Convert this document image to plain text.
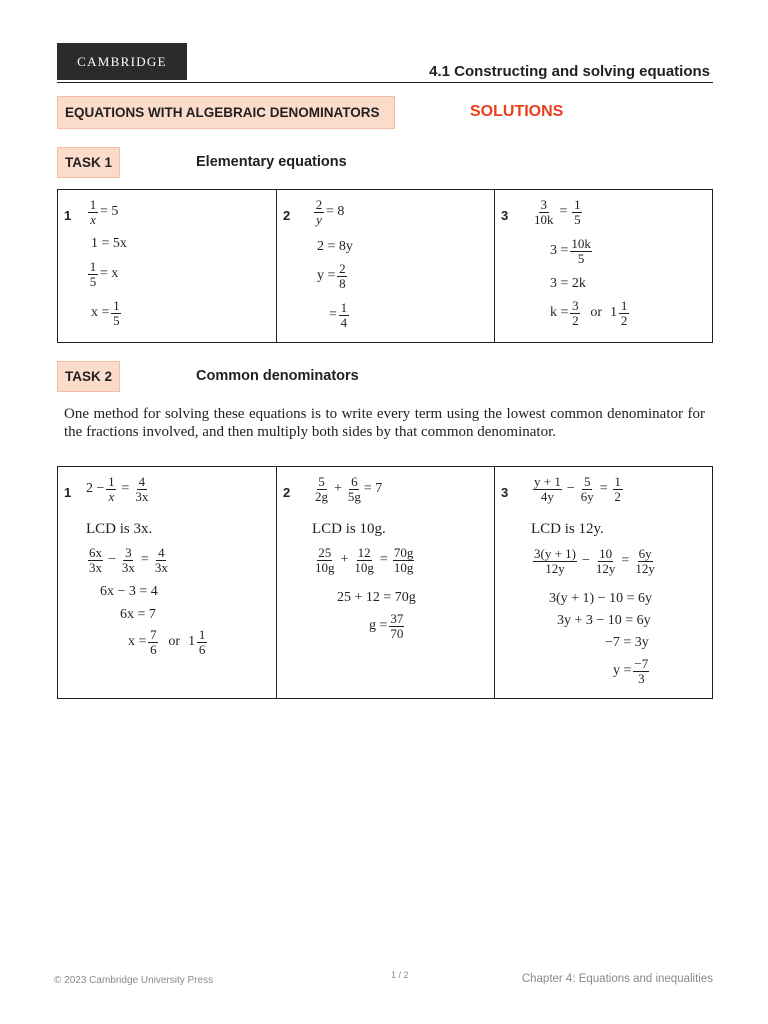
CAMBRIDGE
4.1 Constructing and solving equations
EQUATIONS WITH ALGEBRAIC DENOMINATORS	SOLUTIONS
TASK 1	Elementary equations
$1 \frac{1}{x} = 5$
1 = 5x
$\frac{1}{5} = x$
$x = \frac{1}{5}$

$2 \frac{2}{y} = 8$
2 = 8y
$y = \frac{2}{8}$
= $\frac{1}{4}$

$3 \frac{3}{10k} = \frac{1}{5}$
$3 = \frac{10k}{5}$
3 = 2k
$k = \frac{3}{2}$ or $1 \frac{1}{2}$
TASK 2	Common denominators
One method for solving these equations is to write every term using the lowest common denominator for the fractions involved, and then multiply both sides by that common denominator.
1 $2 - \frac{1}{x} = \frac{4}{3x}$
LCD is 3x.
$\frac{6x}{3x} - \frac{3}{3x} = \frac{4}{3x}$
6x − 3 = 4
6x = 7
$x = \frac{7}{6}$ or $1 \frac{1}{6}$

$2 \frac{5}{2g} + \frac{6}{5g} = 7$
LCD is 10g.
$\frac{25}{10g} + \frac{12}{10g} = \frac{70g}{10g}$
25 + 12 = 70g
$g = \frac{37}{70}$

$3 \frac{y + 1}{4y} - \frac{5}{6y} = \frac{1}{2}$
LCD is 12y.
$\frac{3(y + 1)}{12y} - \frac{10}{12y} = \frac{6y}{12y}$
3(y + 1) − 10 = 6y
3y + 3 − 10 = 6y
−7 = 3y
$y = \frac{-7}{3}$
© 2023 Cambridge University Press	1 / 2	Chapter 4: Equations and inequalities
